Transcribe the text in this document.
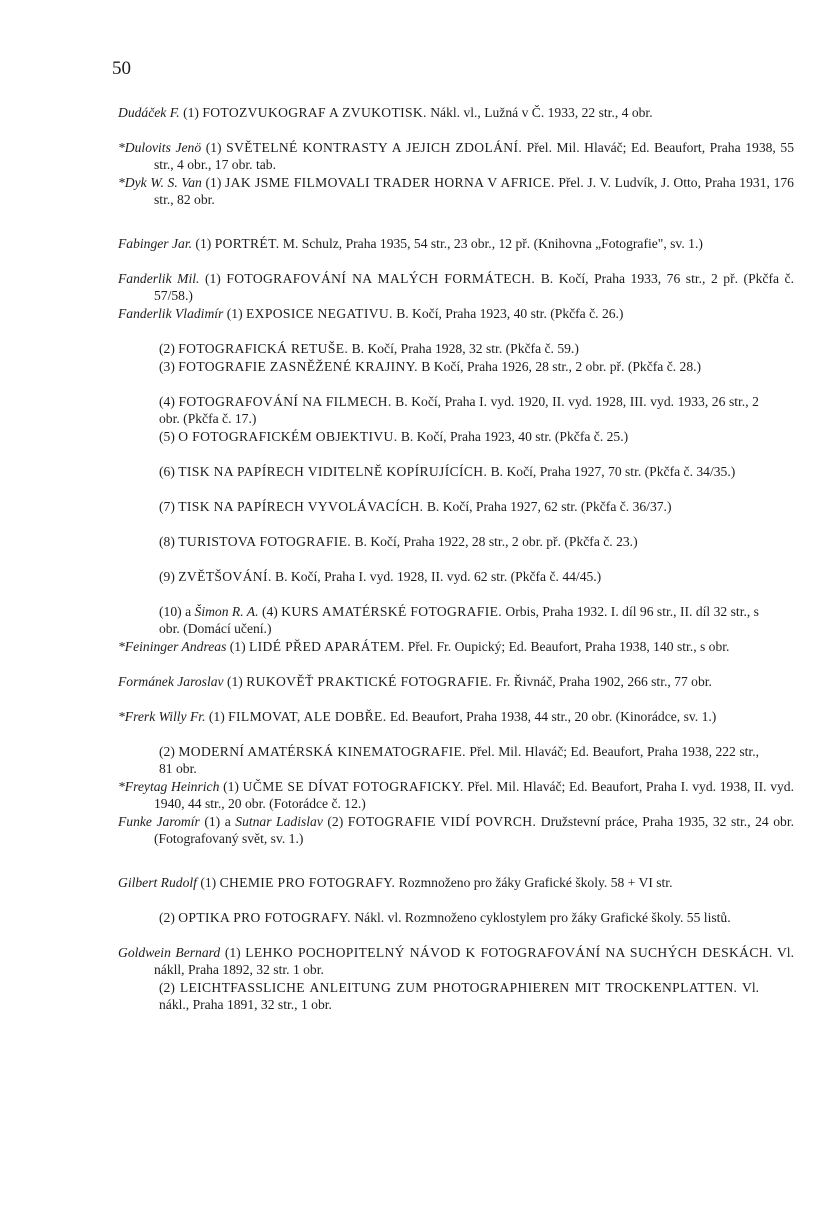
50
Dudáček F. (1) FOTOZVUKOGRAF A ZVUKOTISK. Nákl. vl., Lužná v Č. 1933, 22 str., 4 obr.
*Dulovits Jenö (1) SVĚTELNÉ KONTRASTY A JEJICH ZDOLÁNÍ. Přel. Mil. Hlaváč; Ed. Beaufort, Praha 1938, 55 str., 4 obr., 17 obr. tab.
*Dyk W. S. Van (1) JAK JSME FILMOVALI TRADER HORNA V AFRICE. Přel. J. V. Ludvík, J. Otto, Praha 1931, 176 str., 82 obr.
Fabinger Jar. (1) PORTRÉT. M. Schulz, Praha 1935, 54 str., 23 obr., 12 př. (Knihovna „Fotografie", sv. 1.)
Fanderlik Mil. (1) FOTOGRAFOVÁNÍ NA MALÝCH FORMÁTECH. B. Kočí, Praha 1933, 76 str., 2 př. (Pkčfa č. 57/58.)
Fanderlik Vladimír (1) EXPOSICE NEGATIVU. B. Kočí, Praha 1923, 40 str. (Pkčfa č. 26.)
(2) FOTOGRAFICKÁ RETUŠE. B. Kočí, Praha 1928, 32 str. (Pkčfa č. 59.)
(3) FOTOGRAFIE ZASNĚŽENÉ KRAJINY. B Kočí, Praha 1926, 28 str., 2 obr. př. (Pkčfa č. 28.)
(4) FOTOGRAFOVÁNÍ NA FILMECH. B. Kočí, Praha I. vyd. 1920, II. vyd. 1928, III. vyd. 1933, 26 str., 2 obr. (Pkčfa č. 17.)
(5) O FOTOGRAFICKÉM OBJEKTIVU. B. Kočí, Praha 1923, 40 str. (Pkčfa č. 25.)
(6) TISK NA PAPÍRECH VIDITELNĚ KOPÍRUJÍCÍCH. B. Kočí, Praha 1927, 70 str. (Pkčfa č. 34/35.)
(7) TISK NA PAPÍRECH VYVOLÁVACÍCH. B. Kočí, Praha 1927, 62 str. (Pkčfa č. 36/37.)
(8) TURISTOVA FOTOGRAFIE. B. Kočí, Praha 1922, 28 str., 2 obr. př. (Pkčfa č. 23.)
(9) ZVĚTŠOVÁNÍ. B. Kočí, Praha I. vyd. 1928, II. vyd. 62 str. (Pkčfa č. 44/45.)
(10) a Šimon R. A. (4) KURS AMATÉRSKÉ FOTOGRAFIE. Orbis, Praha 1932. I. díl 96 str., II. díl 32 str., s obr. (Domácí učení.)
*Feininger Andreas (1) LIDÉ PŘED APARÁTEM. Přel. Fr. Oupický; Ed. Beaufort, Praha 1938, 140 str., s obr.
Formánek Jaroslav (1) RUKOVĚŤ PRAKTICKÉ FOTOGRAFIE. Fr. Řivnáč, Praha 1902, 266 str., 77 obr.
*Frerk Willy Fr. (1) FILMOVAT, ALE DOBŘE. Ed. Beaufort, Praha 1938, 44 str., 20 obr. (Kinorádce, sv. 1.)
(2) MODERNÍ AMATÉRSKÁ KINEMATOGRAFIE. Přel. Mil. Hlaváč; Ed. Beaufort, Praha 1938, 222 str., 81 obr.
*Freytag Heinrich (1) UČME SE DÍVAT FOTOGRAFICKY. Přel. Mil. Hlaváč; Ed. Beaufort, Praha I. vyd. 1938, II. vyd. 1940, 44 str., 20 obr. (Fotorádce č. 12.)
Funke Jaromír (1) a Sutnar Ladislav (2) FOTOGRAFIE VIDÍ POVRCH. Družstevní práce, Praha 1935, 32 str., 24 obr. (Fotografovaný svět, sv. 1.)
Gilbert Rudolf (1) CHEMIE PRO FOTOGRAFY. Rozmnoženo pro žáky Grafické školy. 58 + VI str.
(2) OPTIKA PRO FOTOGRAFY. Nákl. vl. Rozmnoženo cyklostylem pro žáky Grafické školy. 55 listů.
Goldwein Bernard (1) LEHKO POCHOPITELNÝ NÁVOD K FOTOGRAFOVÁNÍ NA SUCHÝCH DESKÁCH. Vl. nákll, Praha 1892, 32 str. 1 obr.
(2) LEICHTFASSLICHE ANLEITUNG ZUM PHOTOGRAPHIEREN MIT TROCKENPLATTEN. Vl. nákl., Praha 1891, 32 str., 1 obr.
